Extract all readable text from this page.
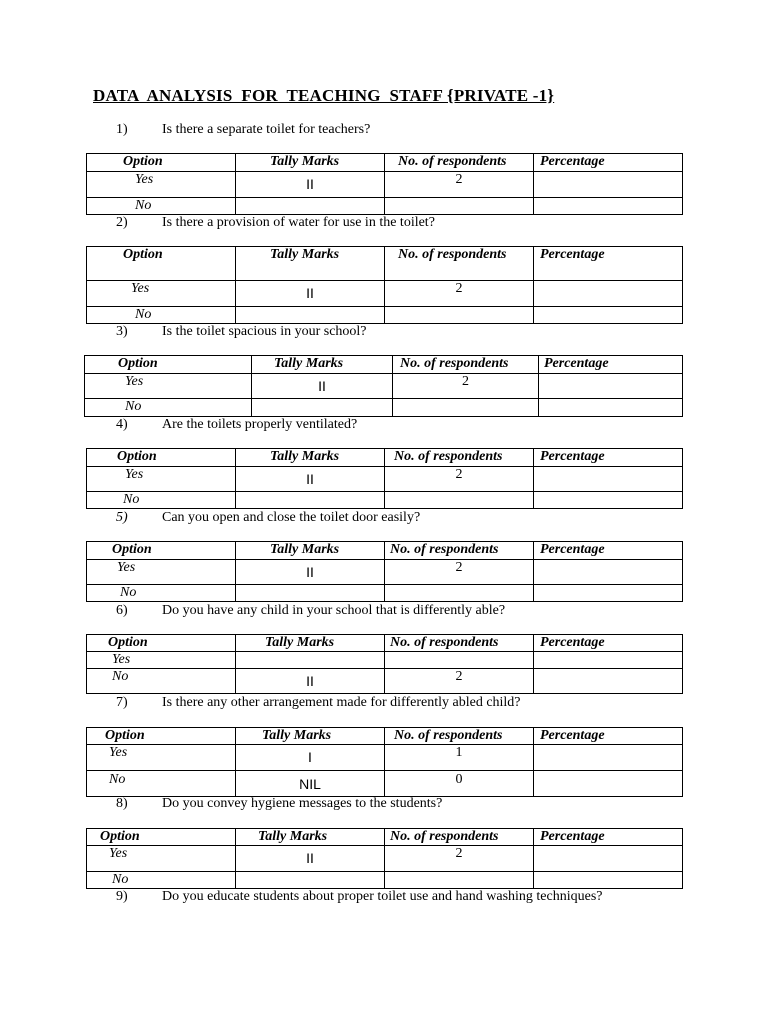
DATA  ANALYSIS  FOR  TEACHING  STAFF {PRIVATE -1}
1) Is there a separate toilet for teachers?
Option	Tally Marks	No. of respondents	Percentage

Yes	II	2	

No			

2) Is there a provision of water for use in the toilet?
Option	Tally Marks	No. of respondents	Percentage

Yes	II	2	

No			

3) Is the toilet spacious in your school?
Option	Tally Marks	No. of respondents	Percentage

Yes	II	2	

No			

4) Are the toilets properly ventilated?
Option	Tally Marks	No. of respondents	Percentage

Yes	II	2	

No			

5) Can you open and close the toilet door easily?
Option	Tally Marks	No. of respondents	Percentage

Yes	II	2	

No			

6) Do you have any child in your school that is differently able?
Option	Tally Marks	No. of respondents	Percentage

Yes			

No	II	2	

7) Is there any other arrangement made for differently abled child?
Option	Tally Marks	No. of respondents	Percentage

Yes	I	1	

No	NIL	0	

8) Do you convey hygiene messages to the students?
Option	Tally Marks	No. of respondents	Percentage

Yes	II	2	

No			

9) Do you educate students about proper toilet use and hand washing techniques?
